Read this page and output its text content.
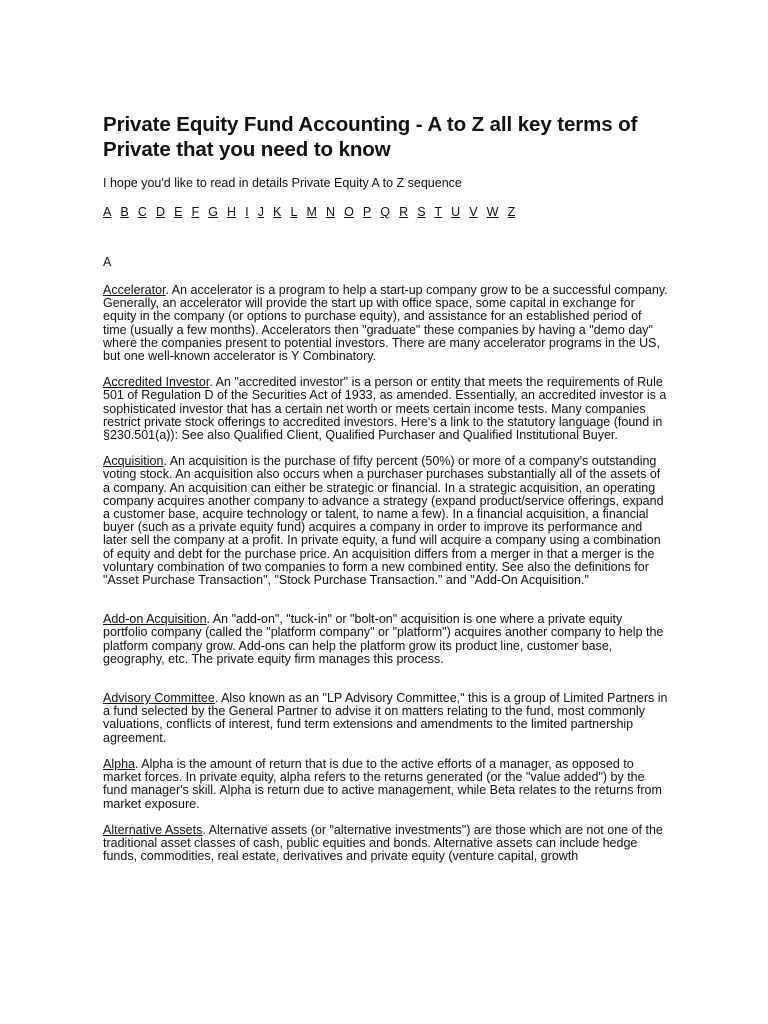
Private Equity Fund Accounting - A to Z all key terms of Private that you need to know

I hope you'd like to read in details Private Equity A to Z sequence

A B C D E F G H I J K L M N O P Q R S T U V W Z

A

Accelerator. An accelerator is a program to help a start-up company grow to be a successful company. Generally, an accelerator will provide the start up with office space, some capital in exchange for equity in the company (or options to purchase equity), and assistance for an established period of time (usually a few months). Accelerators then "graduate" these companies by having a "demo day" where the companies present to potential investors. There are many accelerator programs in the US, but one well-known accelerator is Y Combinatory.

Accredited Investor. An "accredited investor" is a person or entity that meets the requirements of Rule 501 of Regulation D of the Securities Act of 1933, as amended. Essentially, an accredited investor is a sophisticated investor that has a certain net worth or meets certain income tests. Many companies restrict private stock offerings to accredited investors. Here's a link to the statutory language (found in §230.501(a)): See also Qualified Client, Qualified Purchaser and Qualified Institutional Buyer.

Acquisition. An acquisition is the purchase of fifty percent (50%) or more of a company's outstanding voting stock. An acquisition also occurs when a purchaser purchases substantially all of the assets of a company. An acquisition can either be strategic or financial. In a strategic acquisition, an operating company acquires another company to advance a strategy (expand product/service offerings, expand a customer base, acquire technology or talent, to name a few). In a financial acquisition, a financial buyer (such as a private equity fund) acquires a company in order to improve its performance and later sell the company at a profit. In private equity, a fund will acquire a company using a combination of equity and debt for the purchase price. An acquisition differs from a merger in that a merger is the voluntary combination of two companies to form a new combined entity. See also the definitions for "Asset Purchase Transaction", "Stock Purchase Transaction." and "Add-On Acquisition."

Add-on Acquisition. An "add-on", "tuck-in" or "bolt-on" acquisition is one where a private equity portfolio company (called the "platform company" or "platform") acquires another company to help the platform company grow. Add-ons can help the platform grow its product line, customer base, geography, etc. The private equity firm manages this process.

Advisory Committee. Also known as an "LP Advisory Committee," this is a group of Limited Partners in a fund selected by the General Partner to advise it on matters relating to the fund, most commonly valuations, conflicts of interest, fund term extensions and amendments to the limited partnership agreement.

Alpha. Alpha is the amount of return that is due to the active efforts of a manager, as opposed to market forces. In private equity, alpha refers to the returns generated (or the "value added") by the fund manager's skill. Alpha is return due to active management, while Beta relates to the returns from market exposure.

Alternative Assets. Alternative assets (or "alternative investments") are those which are not one of the traditional asset classes of cash, public equities and bonds. Alternative assets can include hedge funds, commodities, real estate, derivatives and private equity (venture capital, growth
